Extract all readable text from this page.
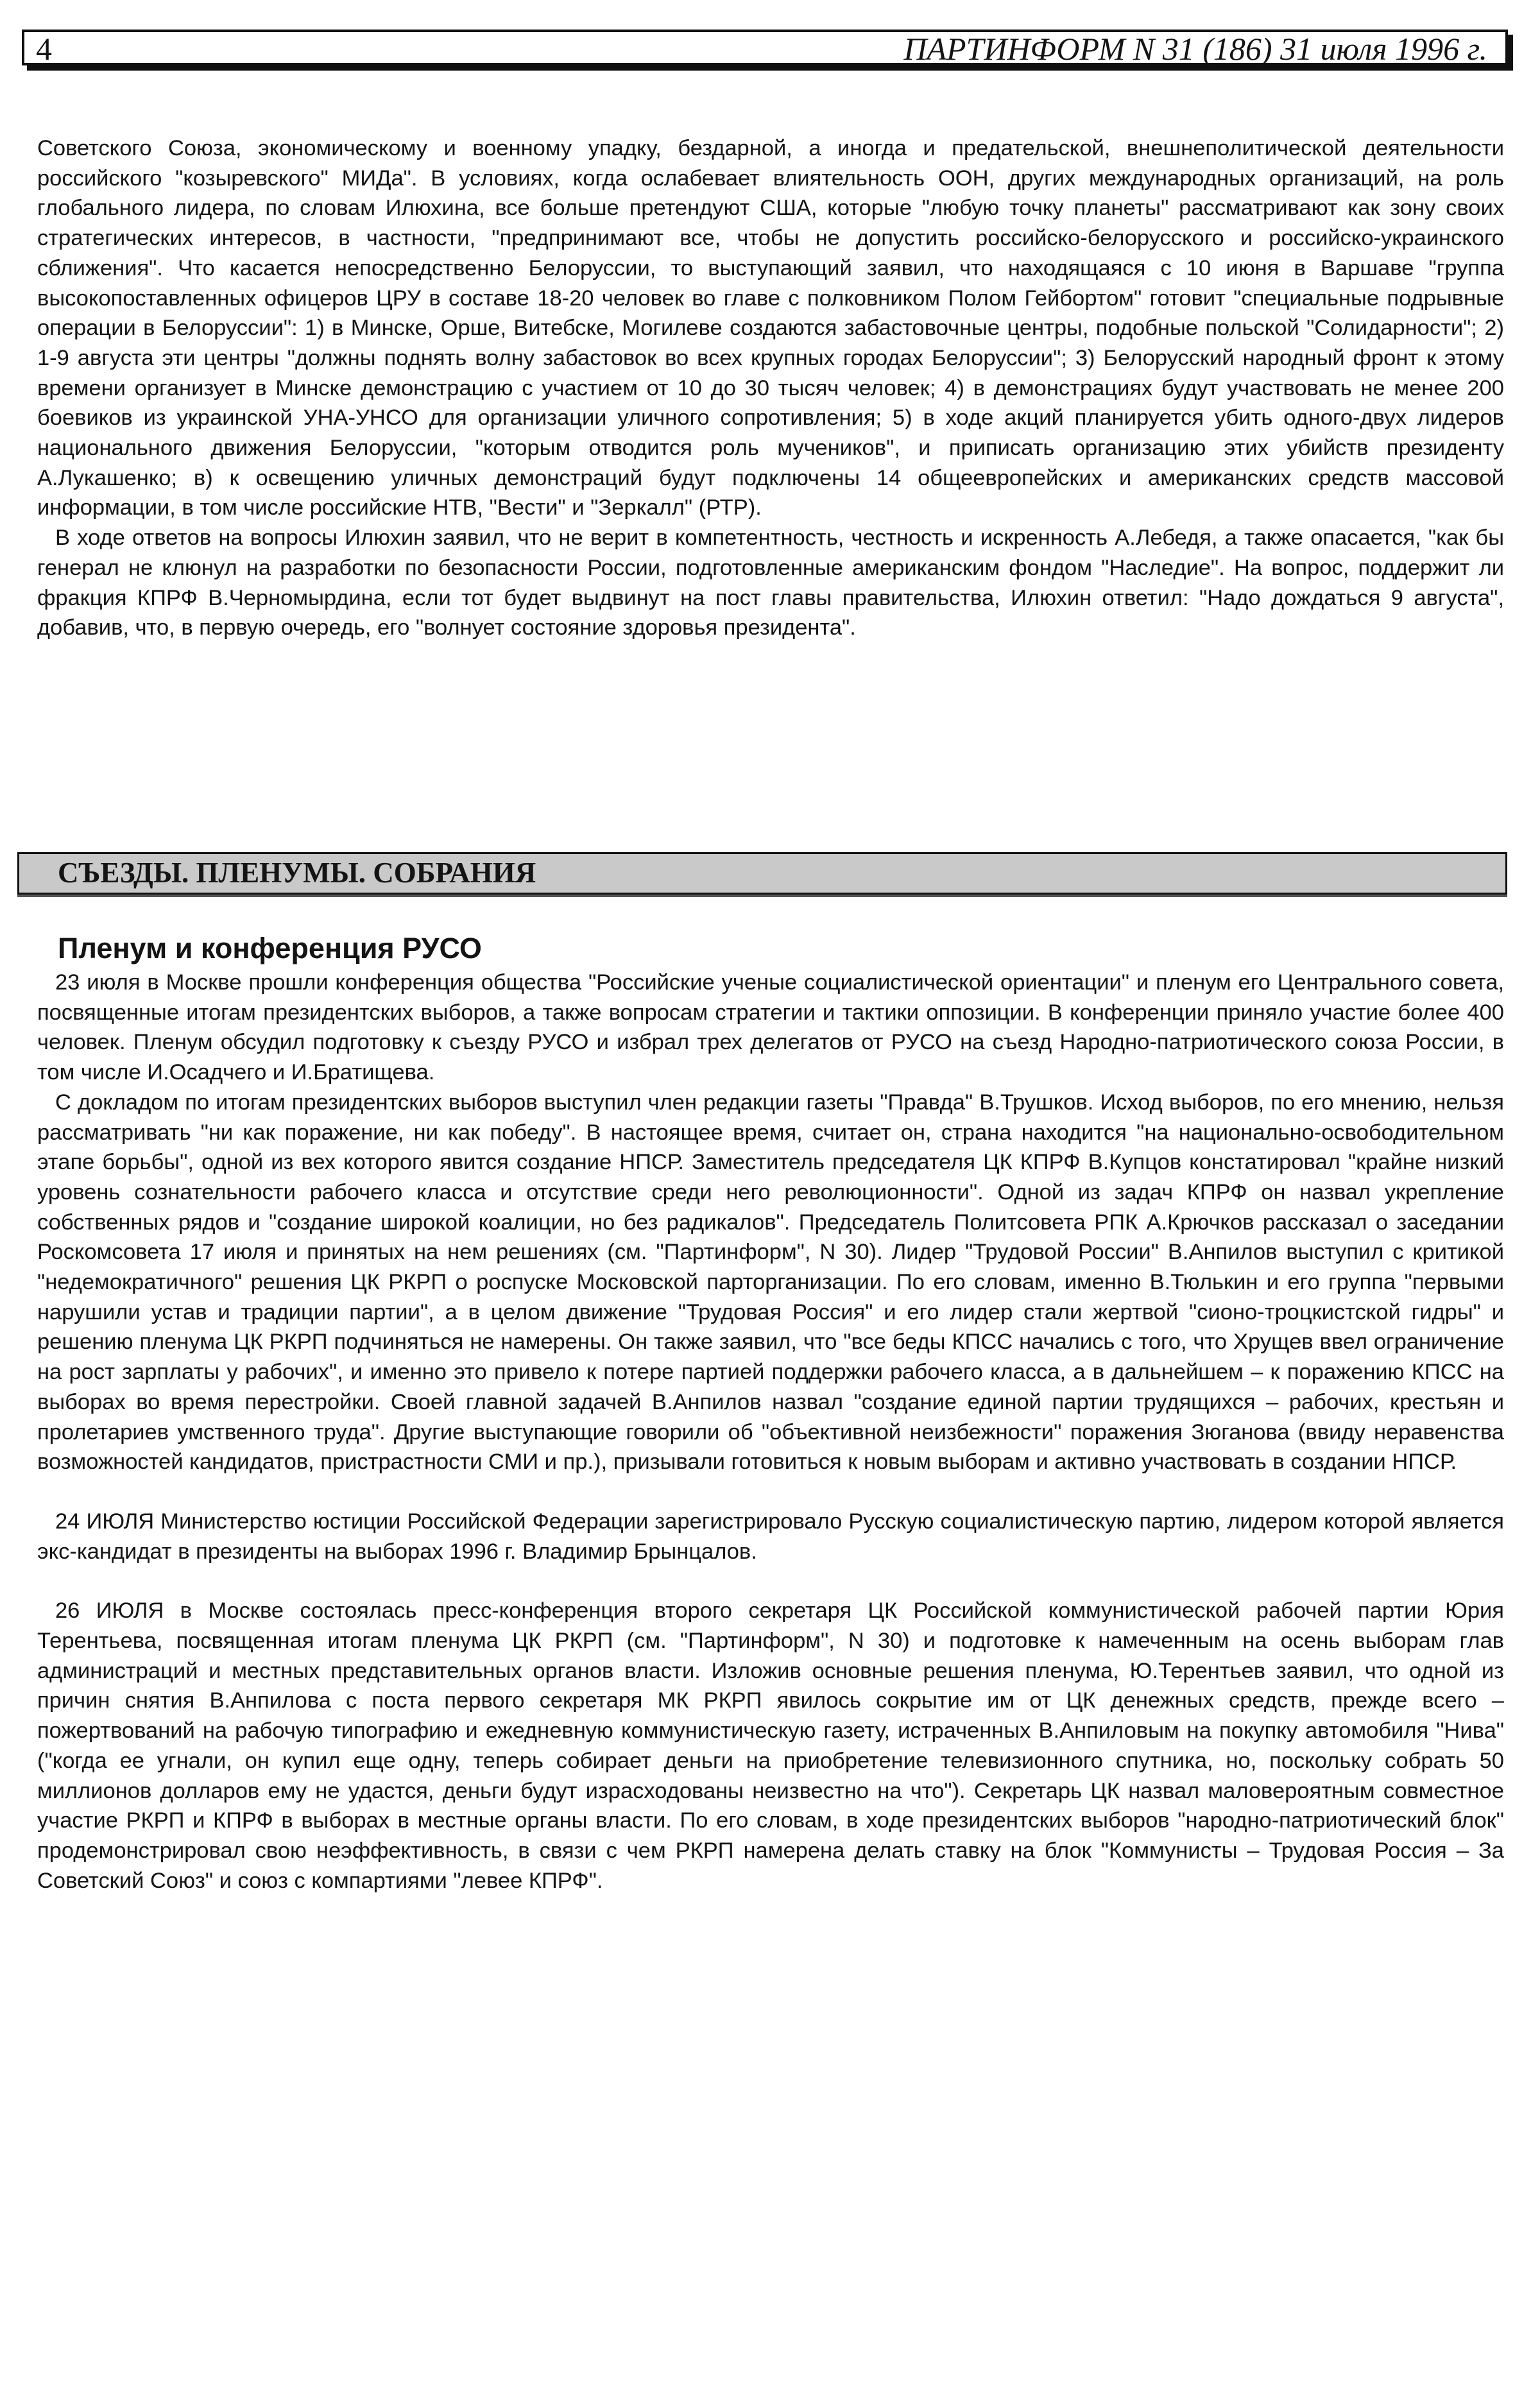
4	ПАРТИНФОРМ N 31 (186) 31 июля 1996 г.

Советского Союза, экономическому и военному упадку, бездарной, а иногда и предательской, внешнеполитической деятельности российского "козыревского" МИДа". В условиях, когда ослабевает влиятельность ООН, других международных организаций, на роль глобального лидера, по словам Илюхина, все больше претендуют США, которые "любую точку планеты" рассматривают как зону своих стратегических интересов, в частности, "предпринимают все, чтобы не допустить российско-белорусского и российско-украинского сближения". Что касается непосредственно Белоруссии, то выступающий заявил, что находящаяся с 10 июня в Варшаве "группа высокопоставленных офицеров ЦРУ в составе 18-20 человек во главе с полковником Полом Гейбортом" готовит "специальные подрывные операции в Белоруссии": 1) в Минске, Орше, Витебске, Могилеве создаются забастовочные центры, подобные польской "Солидарности"; 2) 1-9 августа эти центры "должны поднять волну забастовок во всех крупных городах Белоруссии"; 3) Белорусский народный фронт к этому времени организует в Минске демонстрацию с участием от 10 до 30 тысяч человек; 4) в демонстрациях будут участвовать не менее 200 боевиков из украинской УНА-УНСО для организации уличного сопротивления; 5) в ходе акций планируется убить одного-двух лидеров национального движения Белоруссии, "которым отводится роль мучеников", и приписать организацию этих убийств президенту А.Лукашенко; в) к освещению уличных демонстраций будут подключены 14 общеевропейских и американских средств массовой информации, в том числе российские НТВ, "Вести" и "Зеркалл" (РТР).

В ходе ответов на вопросы Илюхин заявил, что не верит в компетентность, честность и искренность А.Лебедя, а также опасается, "как бы генерал не клюнул на разработки по безопасности России, подготовленные американским фондом "Наследие". На вопрос, поддержит ли фракция КПРФ В.Черномырдина, если тот будет выдвинут на пост главы правительства, Илюхин ответил: "Надо дождаться 9 августа", добавив, что, в первую очередь, его "волнует состояние здоровья президента".

СЪЕЗДЫ. ПЛЕНУМЫ. СОБРАНИЯ
Пленум и конференция РУСО

23 июля в Москве прошли конференция общества "Российские ученые социалистической ориентации" и пленум его Центрального совета, посвященные итогам президентских выборов, а также вопросам стратегии и тактики оппозиции. В конференции приняло участие более 400 человек. Пленум обсудил подготовку к съезду РУСО и избрал трех делегатов от РУСО на съезд Народно-патриотического союза России, в том числе И.Осадчего и И.Братищева.

С докладом по итогам президентских выборов выступил член редакции газеты "Правда" В.Трушков. Исход выборов, по его мнению, нельзя рассматривать "ни как поражение, ни как победу". В настоящее время, считает он, страна находится "на национально-освободительном этапе борьбы", одной из вех которого явится создание НПСР. Заместитель председателя ЦК КПРФ В.Купцов констатировал "крайне низкий уровень сознательности рабочего класса и отсутствие среди него революционности". Одной из задач КПРФ он назвал укрепление собственных рядов и "создание широкой коалиции, но без радикалов". Председатель Политсовета РПК А.Крючков рассказал о заседании Роскомсовета 17 июля и принятых на нем решениях (см. "Партинформ", N 30). Лидер "Трудовой России" В.Анпилов выступил с критикой "недемократичного" решения ЦК РКРП о роспуске Московской парторганизации. По его словам, именно В.Тюлькин и его группа "первыми нарушили устав и традиции партии", а в целом движение "Трудовая Россия" и его лидер стали жертвой "сионо-троцкистской гидры" и решению пленума ЦК РКРП подчиняться не намерены. Он также заявил, что "все беды КПСС начались с того, что Хрущев ввел ограничение на рост зарплаты у рабочих", и именно это привело к потере партией поддержки рабочего класса, а в дальнейшем – к поражению КПСС на выборах во время перестройки. Своей главной задачей В.Анпилов назвал "создание единой партии трудящихся – рабочих, крестьян и пролетариев умственного труда". Другие выступающие говорили об "объективной неизбежности" поражения Зюганова (ввиду неравенства возможностей кандидатов, пристрастности СМИ и пр.), призывали готовиться к новым выборам и активно участвовать в создании НПСР.

24 ИЮЛЯ Министерство юстиции Российской Федерации зарегистрировало Русскую социалистическую партию, лидером которой является экс-кандидат в президенты на выборах 1996 г. Владимир Брынцалов.

26 ИЮЛЯ в Москве состоялась пресс-конференция второго секретаря ЦК Российской коммунистической рабочей партии Юрия Терентьева, посвященная итогам пленума ЦК РКРП (см. "Партинформ", N 30) и подготовке к намеченным на осень выборам глав администраций и местных представительных органов власти. Изложив основные решения пленума, Ю.Терентьев заявил, что одной из причин снятия В.Анпилова с поста первого секретаря МК РКРП явилось сокрытие им от ЦК денежных средств, прежде всего – пожертвований на рабочую типографию и ежедневную коммунистическую газету, истраченных В.Анпиловым на покупку автомобиля "Нива" ("когда ее угнали, он купил еще одну, теперь собирает деньги на приобретение телевизионного спутника, но, поскольку собрать 50 миллионов долларов ему не удастся, деньги будут израсходованы неизвестно на что"). Секретарь ЦК назвал маловероятным совместное участие РКРП и КПРФ в выборах в местные органы власти. По его словам, в ходе президентских выборов "народно-патриотический блок" продемонстрировал свою неэффективность, в связи с чем РКРП намерена делать ставку на блок "Коммунисты – Трудовая Россия – За Советский Союз" и союз с компартиями "левее КПРФ".
